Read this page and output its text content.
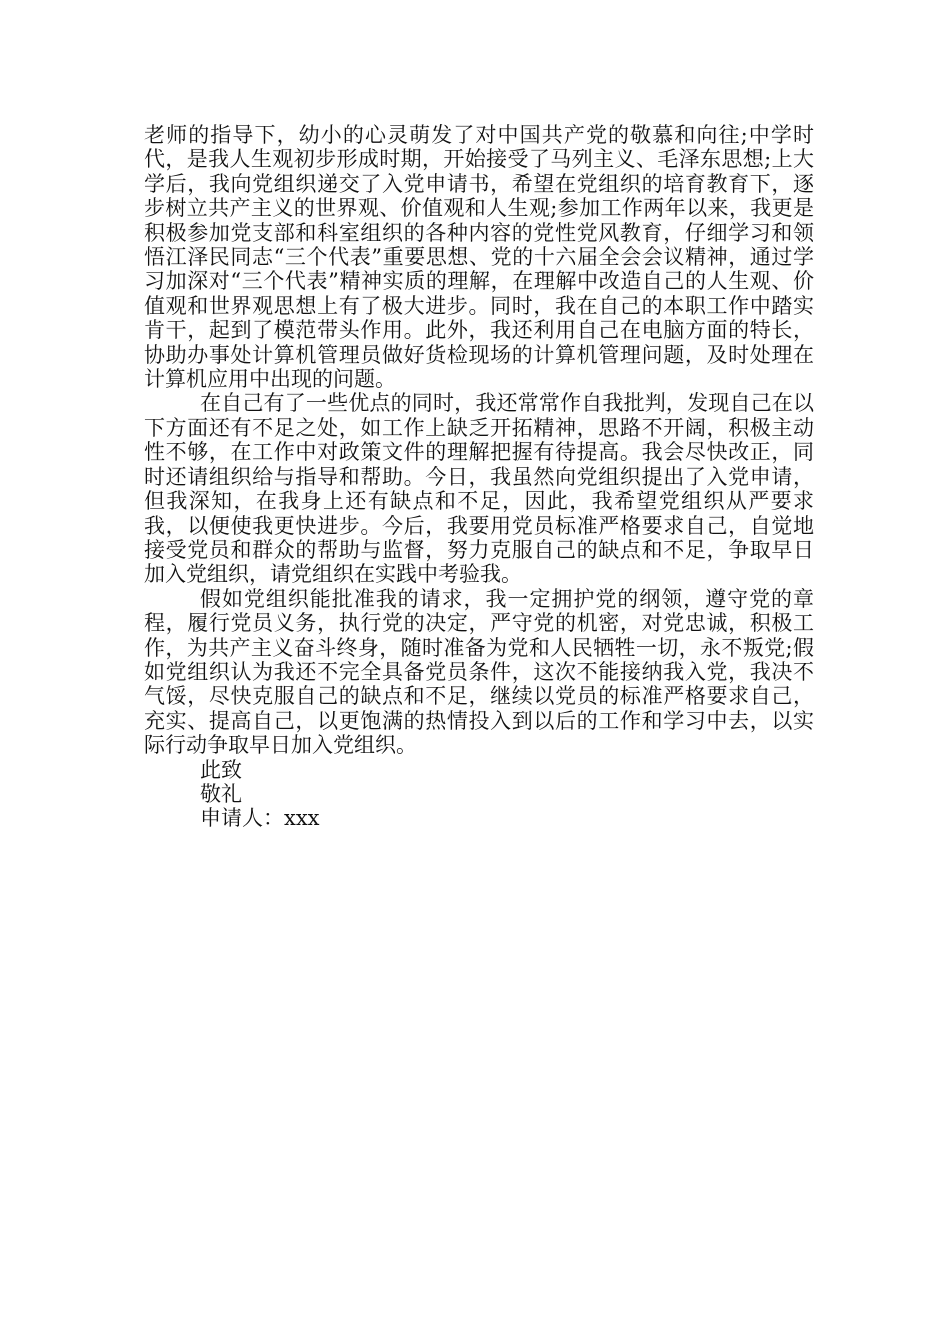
老师的指导下，幼小的心灵萌发了对中国共产党的敬慕和向往;中学时代，是我人生观初步形成时期，开始接受了马列主义、毛泽东思想;上大学后，我向党组织递交了入党申请书，希望在党组织的培育教育下，逐步树立共产主义的世界观、价值观和人生观;参加工作两年以来，我更是积极参加党支部和科室组织的各种内容的党性党风教育，仔细学习和领悟江泽民同志“三个代表”重要思想、党的十六届全会会议精神，通过学习加深对“三个代表”精神实质的理解，在理解中改造自己的人生观、价值观和世界观思想上有了极大进步。同时，我在自己的本职工作中踏实肯干，起到了模范带头作用。此外，我还利用自己在电脑方面的特长，协助办事处计算机管理员做好货检现场的计算机管理问题，及时处理在计算机应用中出现的问题。

在自己有了一些优点的同时，我还常常作自我批判，发现自己在以下方面还有不足之处，如工作上缺乏开拓精神，思路不开阔，积极主动性不够，在工作中对政策文件的理解把握有待提高。我会尽快改正，同时还请组织给与指导和帮助。今日，我虽然向党组织提出了入党申请，但我深知，在我身上还有缺点和不足，因此，我希望党组织从严要求我，以便使我更快进步。今后，我要用党员标准严格要求自己，自觉地接受党员和群众的帮助与监督，努力克服自己的缺点和不足，争取早日加入党组织，请党组织在实践中考验我。

假如党组织能批准我的请求，我一定拥护党的纲领，遵守党的章程，履行党员义务，执行党的决定，严守党的机密，对党忠诚，积极工作，为共产主义奋斗终身，随时准备为党和人民牺牲一切，永不叛党;假如党组织认为我还不完全具备党员条件，这次不能接纳我入党，我决不气馁，尽快克服自己的缺点和不足，继续以党员的标准严格要求自己，充实、提高自己，以更饱满的热情投入到以后的工作和学习中去，以实际行动争取早日加入党组织。

此致

敬礼

申请人：xxx
